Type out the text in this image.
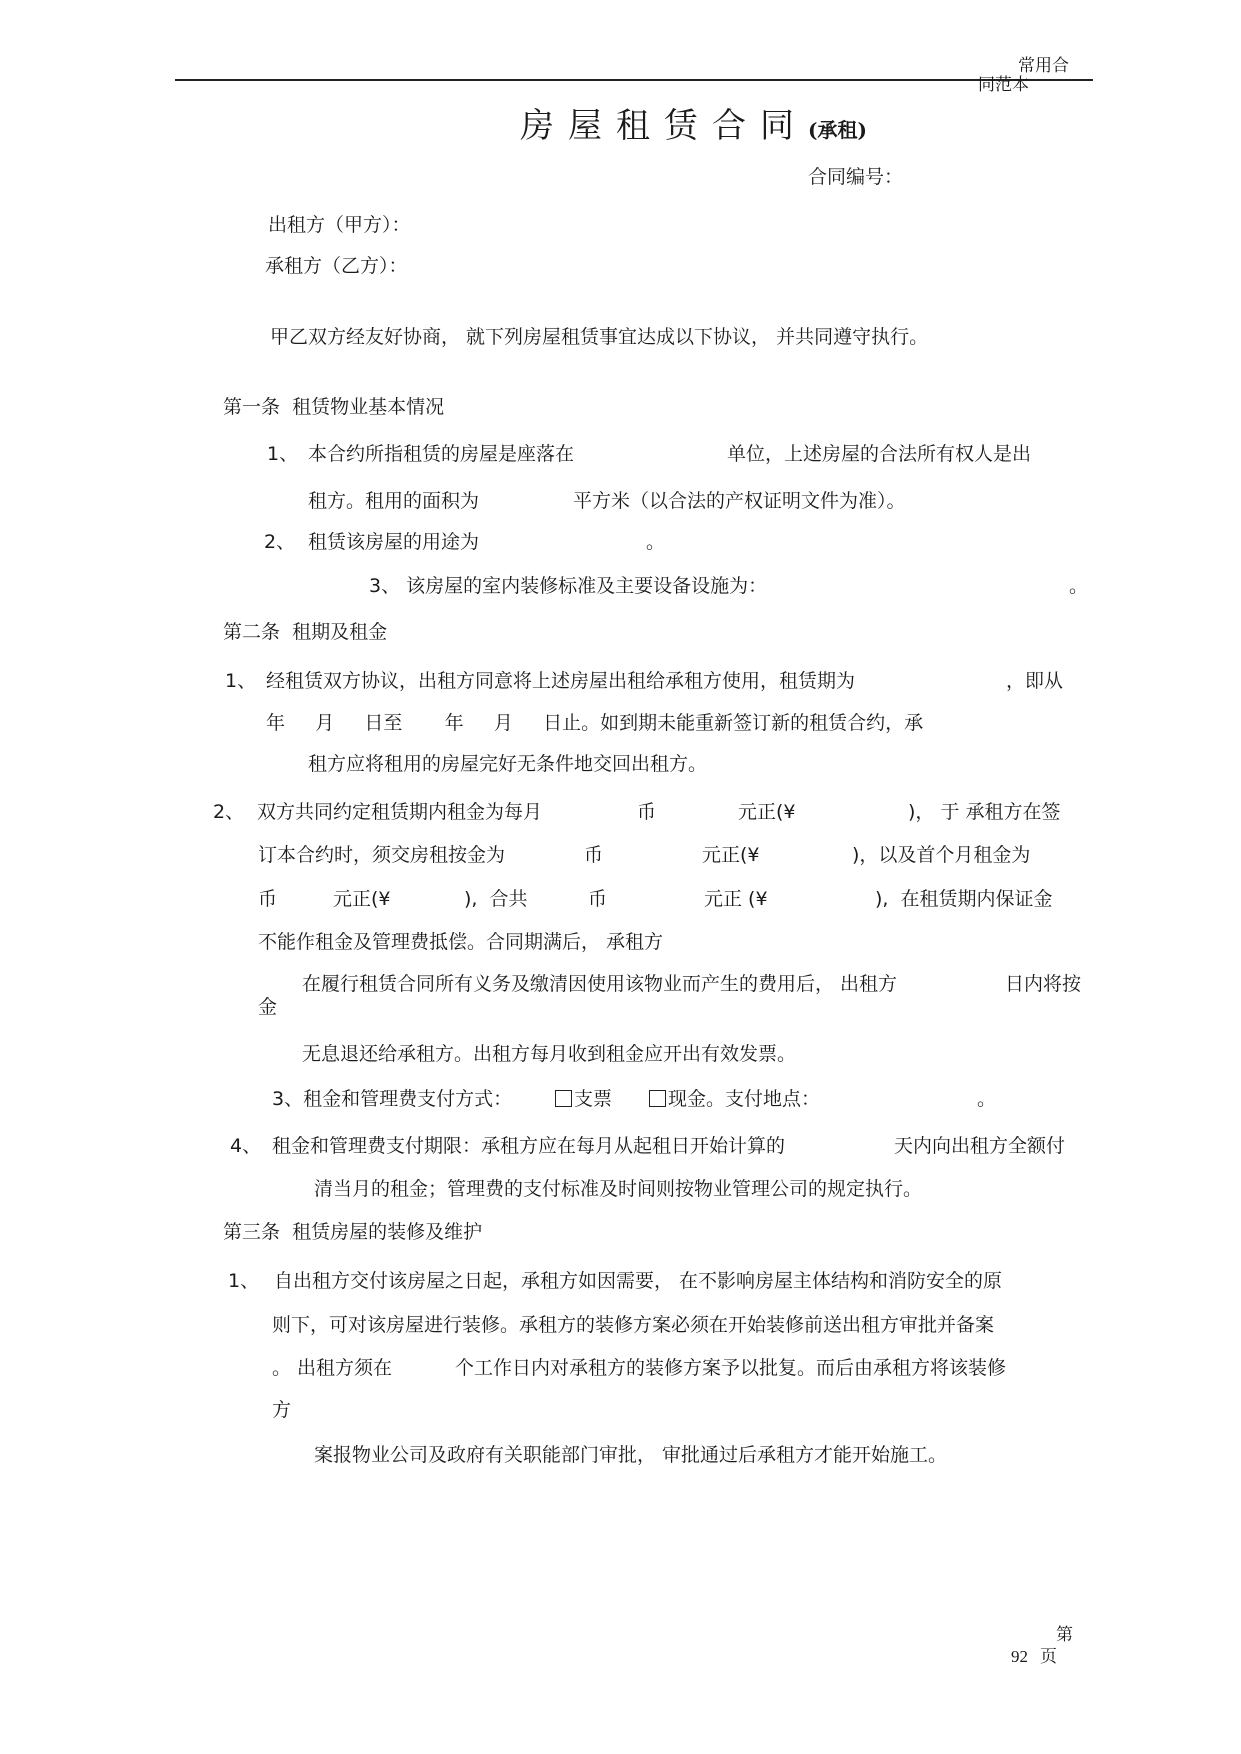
常用合
同范本
房屋租赁合同(承租)
合同编号：
出租方（甲方）：
承租方（乙方）：
甲乙双方经友好协商， 就下列房屋租赁事宜达成以下协议， 并共同遵守执行。
第一条  租赁物业基本情况
1、 本合约所指租赁的房屋是座落在	单位，上述房屋的合法所有权人是出
租方。租用的面积为	平方米（以合法的产权证明文件为准）。
2、 租赁该房屋的用途为	。
3、 该房屋的室内装修标准及主要设备设施为：	。
第二条  租期及租金
1、 经租赁双方协议，出租方同意将上述房屋出租给承租方使用，租赁期为	，即从
年     月     日至       年     月     日止。如到期未能重新签订新的租赁合约，承
租方应将租用的房屋完好无条件地交回出租方。
2、 双方共同约定租赁期内租金为每月	币	元正(¥	)， 于 承租方在签
订本合约时，须交房租按金为	币	元正(¥	)，以及首个月租金为
币	元正(¥	),  合共	币	元正 (¥	),  在租赁期内保证金
不能作租金及管理费抵偿。合同期满后， 承租方
在履行租赁合同所有义务及缴清因使用该物业而产生的费用后， 出租方	日内将按
金
无息退还给承租方。出租方每月收到租金应开出有效发票。
3、租金和管理费支付方式：	支票	现金。支付地点：	。
4、 租金和管理费支付期限：承租方应在每月从起租日开始计算的	天内向出租方全额付
清当月的租金；管理费的支付标准及时间则按物业管理公司的规定执行。
第三条  租赁房屋的装修及维护
1、 自出租方交付该房屋之日起，承租方如因需要， 在不影响房屋主体结构和消防安全的原
则下，可对该房屋进行装修。承租方的装修方案必须在开始装修前送出租方审批并备案
。 出租方须在	个工作日内对承租方的装修方案予以批复。而后由承租方将该装修
方
案报物业公司及政府有关职能部门审批， 审批通过后承租方才能开始施工。
第
92 页
